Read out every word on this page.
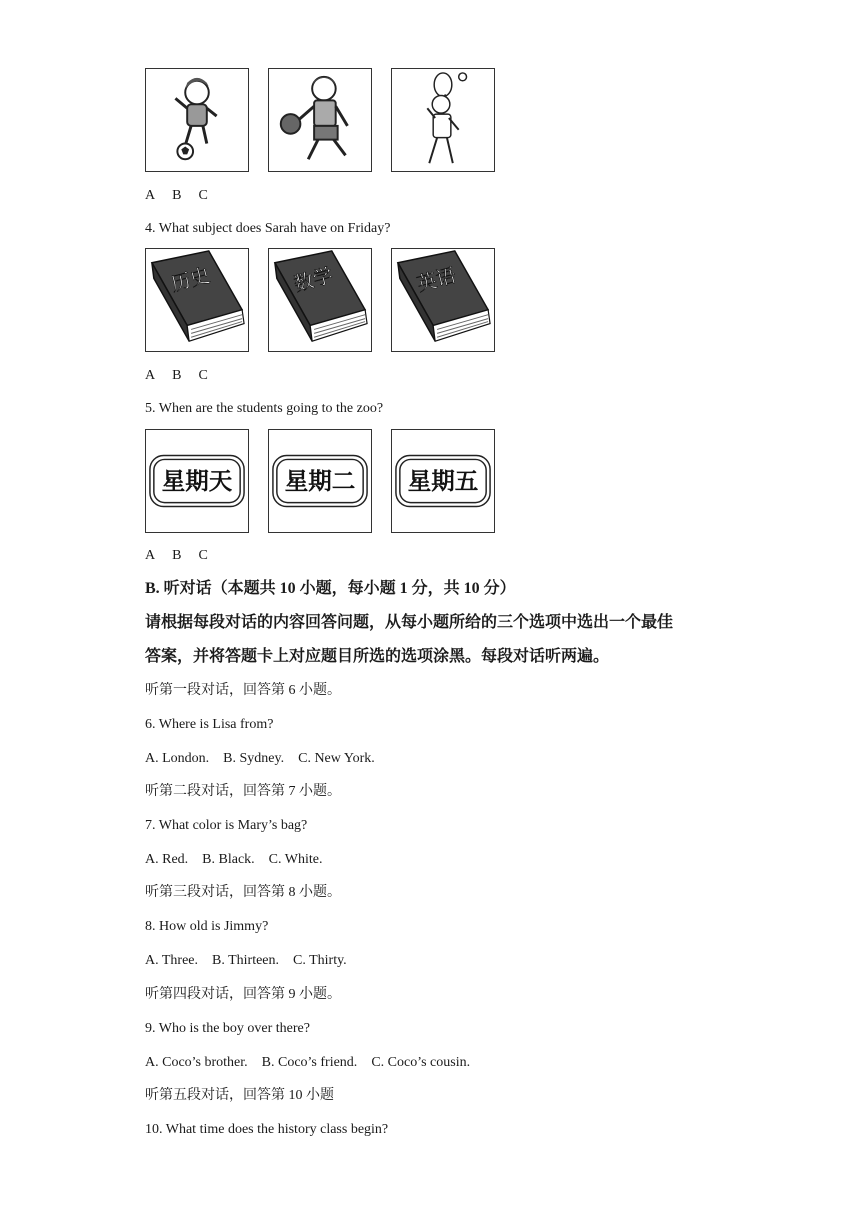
A B C
4. What subject does Sarah have on Friday?
历史	数学	英语
A B C
5. When are the students going to the zoo?
星期天 星期二 星期五
A B C
B. 听对话（本题共 10 小题，每小题 1 分，共 10 分）
请根据每段对话的内容回答问题，从每小题所给的三个选项中选出一个最佳
答案，并将答题卡上对应题目所选的选项涂黑。每段对话听两遍。
听第一段对话，回答第 6 小题。
6. Where is Lisa from?
A. London. B. Sydney. C. New York.
听第二段对话，回答第 7 小题。
7. What color is Mary’s bag?
A. Red. B. Black. C. White.
听第三段对话，回答第 8 小题。
8. How old is Jimmy?
A. Three. B. Thirteen. C. Thirty.
听第四段对话，回答第 9 小题。
9. Who is the boy over there?
A. Coco’s brother. B. Coco’s friend. C. Coco’s cousin.
听第五段对话，回答第 10 小题
10. What time does the history class begin?
